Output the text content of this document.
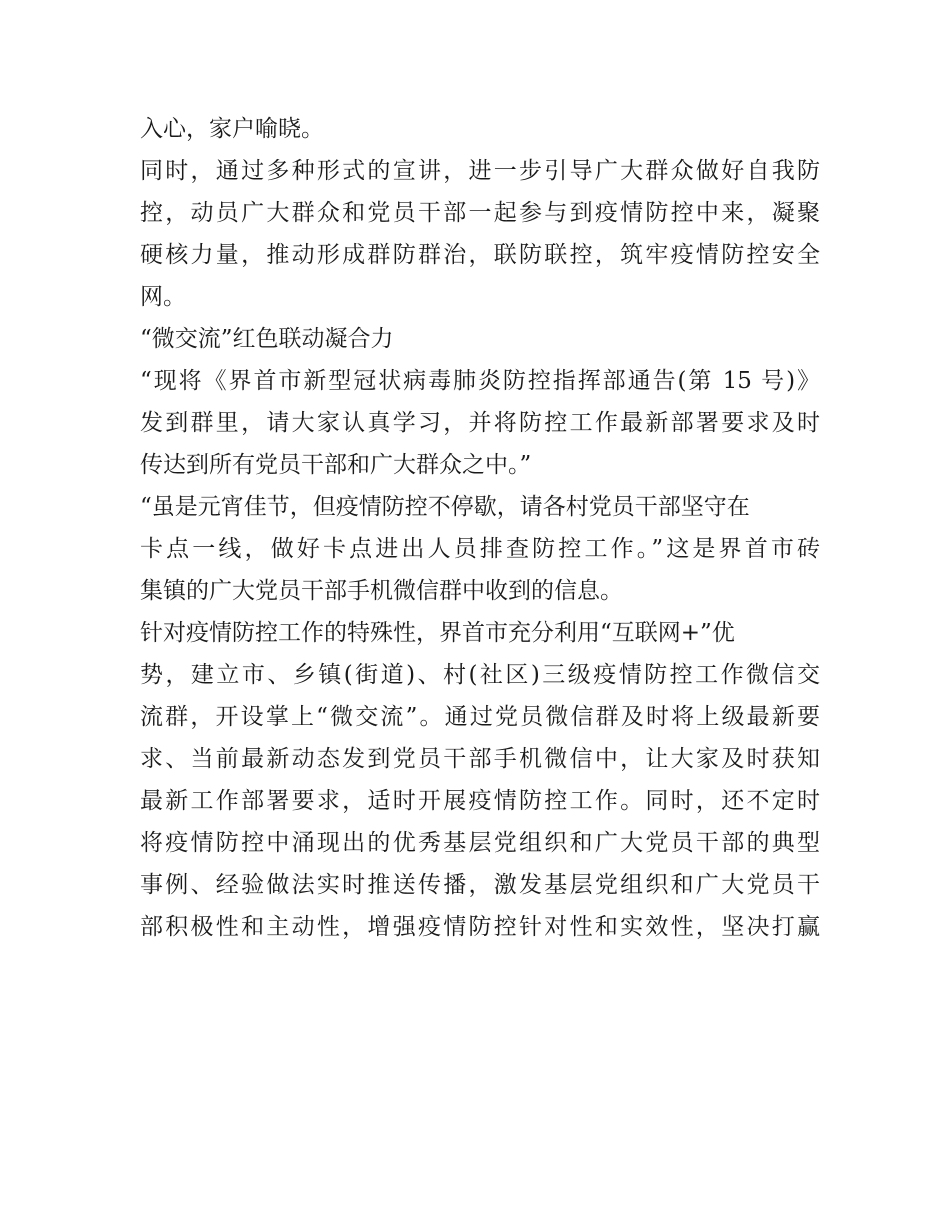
入心，家户喻晓。

同时，通过多种形式的宣讲，进一步引导广大群众做好自我防

控，动员广大群众和党员干部一起参与到疫情防控中来，凝聚

硬核力量，推动形成群防群治，联防联控，筑牢疫情防控安全

网。

“微交流”红色联动凝合力

“现将《界首市新型冠状病毒肺炎防控指挥部通告(第 15 号)》

发到群里，请大家认真学习，并将防控工作最新部署要求及时

传达到所有党员干部和广大群众之中。”

“虽是元宵佳节，但疫情防控不停歇，请各村党员干部坚守在

卡点一线，做好卡点进出人员排查防控工作。”这是界首市砖

集镇的广大党员干部手机微信群中收到的信息。

针对疫情防控工作的特殊性，界首市充分利用“互联网+”优

势，建立市、乡镇(街道)、村(社区)三级疫情防控工作微信交

流群，开设掌上“微交流”。通过党员微信群及时将上级最新要

求、当前最新动态发到党员干部手机微信中，让大家及时获知

最新工作部署要求，适时开展疫情防控工作。同时，还不定时

将疫情防控中涌现出的优秀基层党组织和广大党员干部的典型

事例、经验做法实时推送传播，激发基层党组织和广大党员干

部积极性和主动性，增强疫情防控针对性和实效性，坚决打赢
